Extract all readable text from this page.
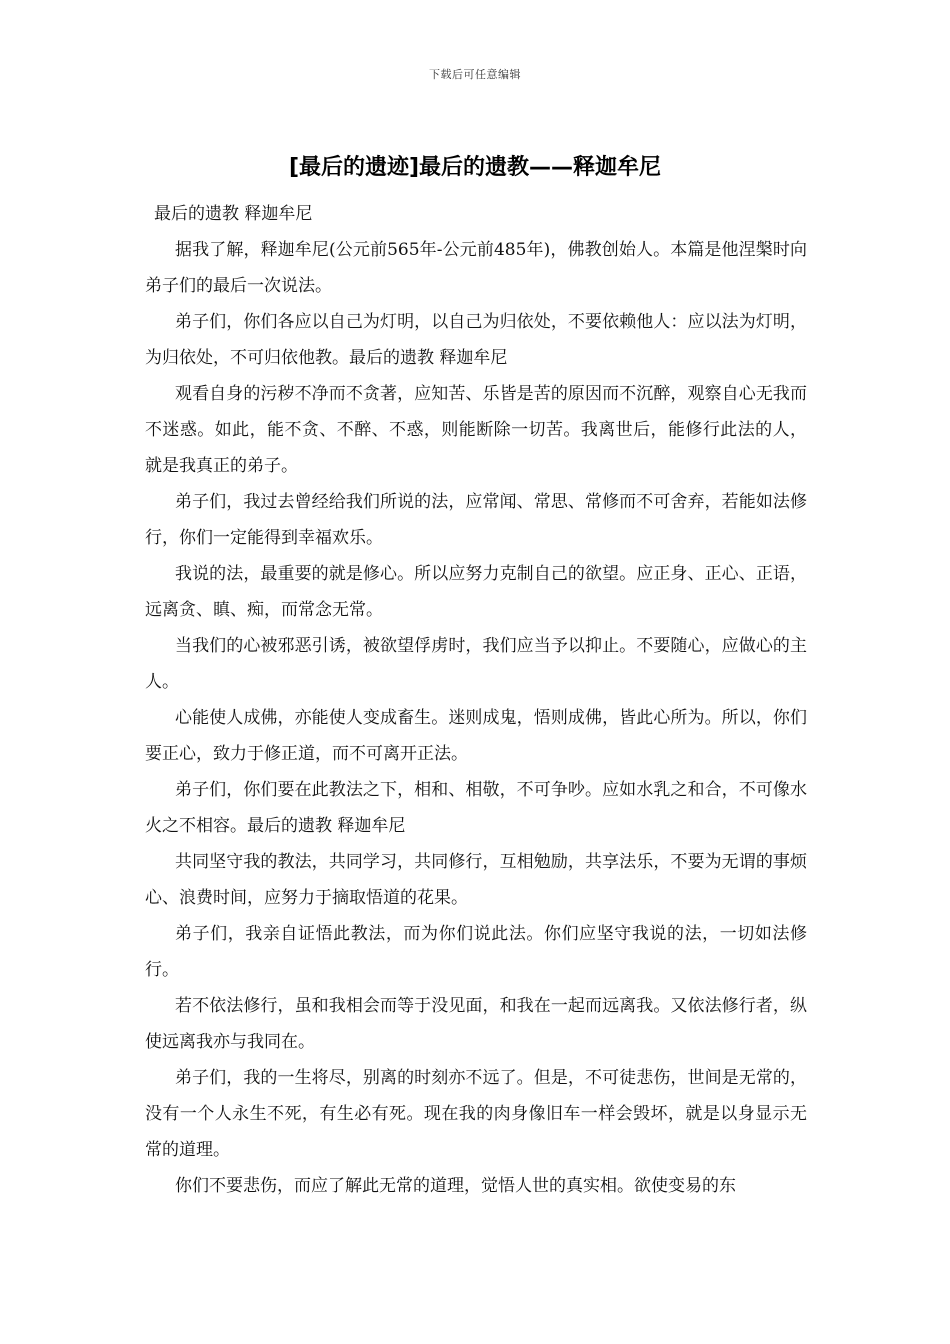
下载后可任意编辑
[最后的遗迹]最后的遗教——释迦牟尼

最后的遗教 释迦牟尼

据我了解，释迦牟尼(公元前565年-公元前485年)，佛教创始人。本篇是他涅槃时向弟子们的最后一次说法。

弟子们，你们各应以自己为灯明，以自己为归依处，不要依赖他人：应以法为灯明，为归依处，不可归依他教。最后的遗教 释迦牟尼

观看自身的污秽不净而不贪著，应知苦、乐皆是苦的原因而不沉醉，观察自心无我而不迷惑。如此，能不贪、不醉、不惑，则能断除一切苦。我离世后，能修行此法的人，就是我真正的弟子。

弟子们，我过去曾经给我们所说的法，应常闻、常思、常修而不可舍弃，若能如法修行，你们一定能得到幸福欢乐。

我说的法，最重要的就是修心。所以应努力克制自己的欲望。应正身、正心、正语，远离贪、瞋、痴，而常念无常。

当我们的心被邪恶引诱，被欲望俘虏时，我们应当予以抑止。不要随心，应做心的主人。

心能使人成佛，亦能使人变成畜生。迷则成鬼，悟则成佛，皆此心所为。所以，你们要正心，致力于修正道，而不可离开正法。

弟子们，你们要在此教法之下，相和、相敬，不可争吵。应如水乳之和合，不可像水火之不相容。最后的遗教 释迦牟尼

共同坚守我的教法，共同学习，共同修行，互相勉励，共享法乐，不要为无谓的事烦心、浪费时间，应努力于摘取悟道的花果。

弟子们，我亲自证悟此教法，而为你们说此法。你们应坚守我说的法，一切如法修行。

若不依法修行，虽和我相会而等于没见面，和我在一起而远离我。又依法修行者，纵使远离我亦与我同在。

弟子们，我的一生将尽，别离的时刻亦不远了。但是，不可徒悲伤，世间是无常的，没有一个人永生不死，有生必有死。现在我的肉身像旧车一样会毁坏，就是以身显示无常的道理。

你们不要悲伤，而应了解此无常的道理，觉悟人世的真实相。欲使变易的东
